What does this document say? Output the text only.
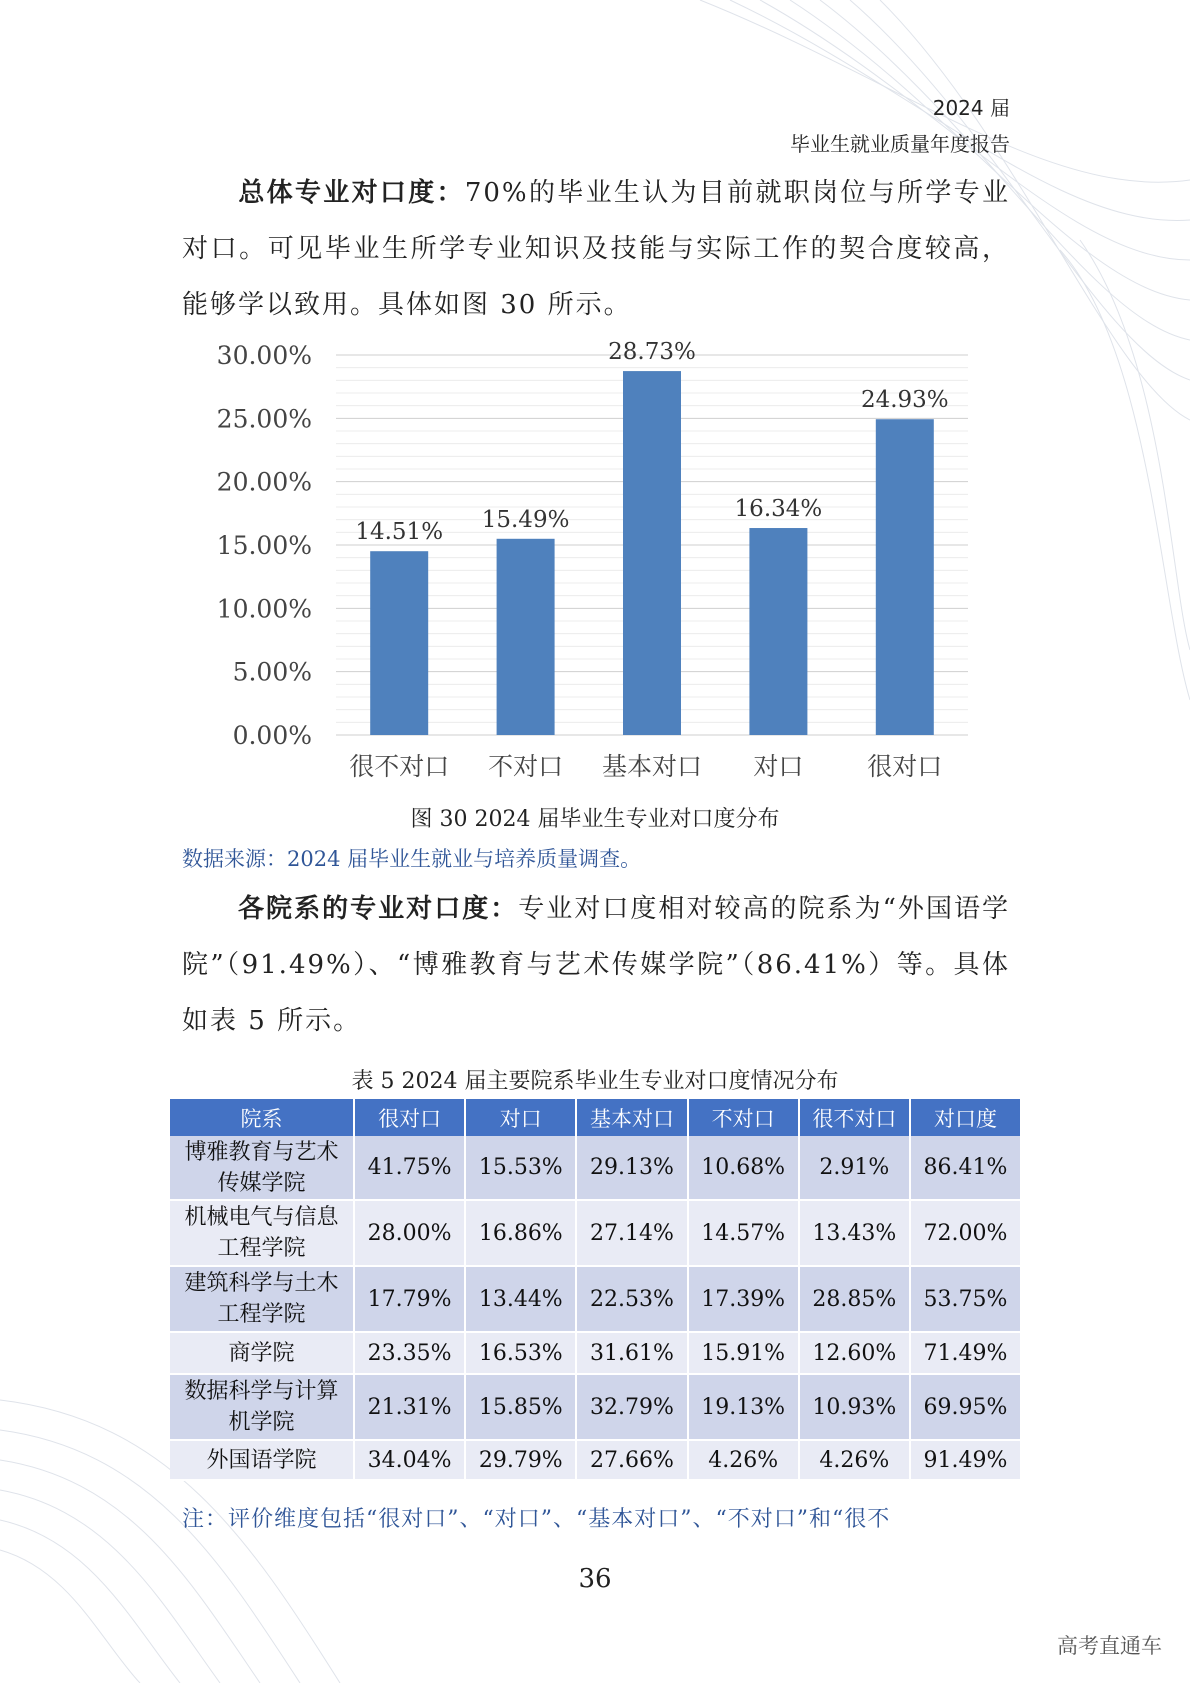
2024 届
毕业生就业质量年度报告
总体专业对口度：70%的毕业生认为目前就职岗位与所学专业对口。可见毕业生所学专业知识及技能与实际工作的契合度较高，能够学以致用。具体如图 30 所示。
0.00%
5.00%
10.00%
15.00%
20.00%
25.00%
30.00%
14.51% 15.49%
28.73%
16.34%
24.93%
很不对口 不对口 基本对口 对口	很对口
图 30 2024 届毕业生专业对口度分布
数据来源：2024 届毕业生就业与培养质量调查。
各院系的专业对口度：专业对口度相对较高的院系为“外国语学院”（91.49%）、“博雅教育与艺术传媒学院”（86.41%）等。具体如表 5 所示。
表 5 2024 届主要院系毕业生专业对口度情况分布
院系	很对口	对口	基本对口	不对口	很不对口	对口度
博雅教育与艺术传媒学院	41.75%	15.53%	29.13%	10.68%	2.91%	86.41%
机械电气与信息工程学院	28.00%	16.86%	27.14%	14.57%	13.43%	72.00%
建筑科学与土木工程学院	17.79%	13.44%	22.53%	17.39%	28.85%	53.75%
商学院	23.35%	16.53%	31.61%	15.91%	12.60%	71.49%
数据科学与计算机学院	21.31%	15.85%	32.79%	19.13%	10.93%	69.95%
外国语学院	34.04%	29.79%	27.66%	4.26%	4.26%	91.49%
注：评价维度包括“很对口”、“对口”、“基本对口”、“不对口”和“很不
36
高考直通车
